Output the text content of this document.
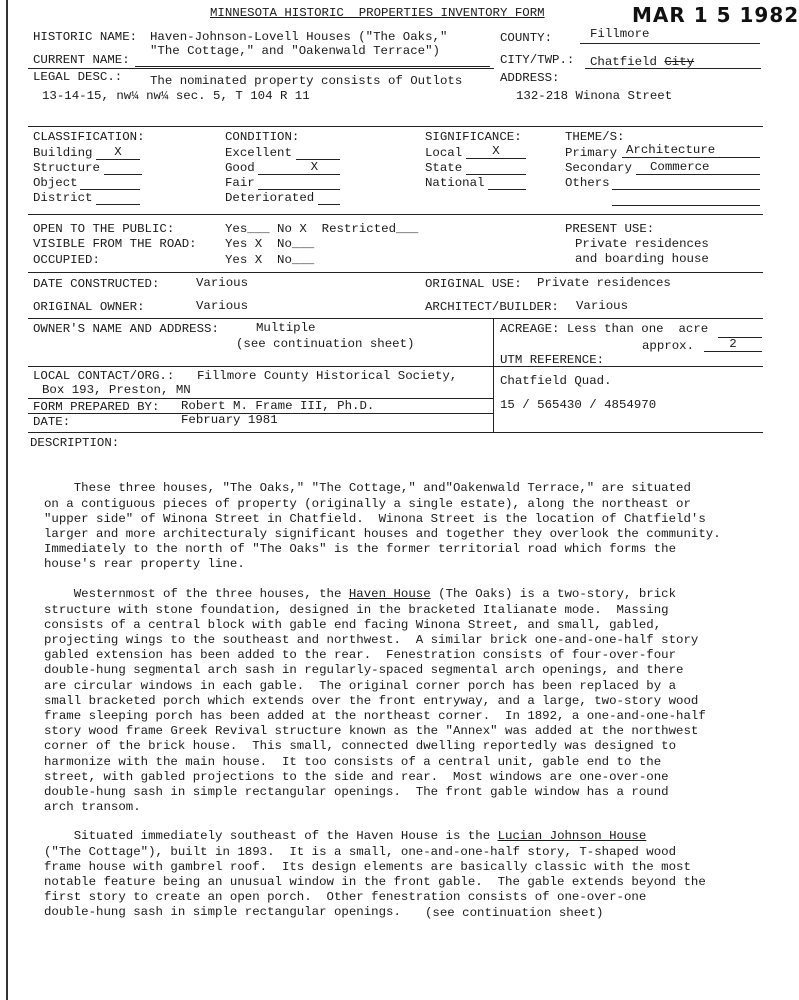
MINNESOTA HISTORIC  PROPERTIES INVENTORY FORM	MAR 1 5 1982
HISTORIC NAME: Haven-Johnson-Lovell Houses ("The Oaks,"
"The Cottage," and "Oakenwald Terrace")
CURRENT NAME:
COUNTY:	Fillmore
CITY/TWP.: Chatfield City
LEGAL DESC.: The nominated property consists of Outlots
13-14-15, nw¼ nw¼ sec. 5, T 104 R 11
ADDRESS:
132-218 Winona Street
CLASSIFICATION:
Building	X
Structure
Object
District
CONDITION:
Excellent
Good	X
Fair
Deteriorated
SIGNIFICANCE:
Local	X
State
National
THEME/S:
Primary Architecture
Secondary	Commerce
Others
OPEN TO THE PUBLIC:	Yes___ No X  Restricted___
VISIBLE FROM THE ROAD: Yes X  No___
OCCUPIED:	Yes X  No___
PRESENT USE:
Private residences
and boarding house
DATE CONSTRUCTED:	Various	ORIGINAL USE: Private residences
ORIGINAL OWNER:	Various	ARCHITECT/BUILDER: Various
OWNER'S NAME AND ADDRESS:	Multiple
(see continuation sheet)
ACREAGE: Less than one  acre
approx.	2
UTM REFERENCE:
Chatfield Quad.
15 / 565430 / 4854970
LOCAL CONTACT/ORG.: Fillmore County Historical Society,
Box 193, Preston, MN
FORM PREPARED BY: Robert M. Frame III, Ph.D.
DATE:	February 1981
DESCRIPTION:

These three houses, "The Oaks," "The Cottage," and"Oakenwald Terrace," are situated

on a contiguous pieces of property (originally a single estate), along the northeast or

"upper side" of Winona Street in Chatfield.  Winona Street is the location of Chatfield's

larger and more architecturaly significant houses and together they overlook the community.

Immediately to the north of "The Oaks" is the former territorial road which forms the

house's rear property line.

Westernmost of the three houses, the Haven House (The Oaks) is a two-story, brick

structure with stone foundation, designed in the bracketed Italianate mode.  Massing

consists of a central block with gable end facing Winona Street, and small, gabled,

projecting wings to the southeast and northwest.  A similar brick one-and-one-half story

gabled extension has been added to the rear.  Fenestration consists of four-over-four

double-hung segmental arch sash in regularly-spaced segmental arch openings, and there

are circular windows in each gable.  The original corner porch has been replaced by a

small bracketed porch which extends over the front entryway, and a large, two-story wood

frame sleeping porch has been added at the northeast corner.  In 1892, a one-and-one-half

story wood frame Greek Revival structure known as the "Annex" was added at the northwest

corner of the brick house.  This small, connected dwelling reportedly was designed to

harmonize with the main house.  It too consists of a central unit, gable end to the

street, with gabled projections to the side and rear.  Most windows are one-over-one

double-hung sash in simple rectangular openings.  The front gable window has a round

arch transom.

Situated immediately southeast of the Haven House is the Lucian Johnson House

("The Cottage"), built in 1893.  It is a small, one-and-one-half story, T-shaped wood

frame house with gambrel roof.  Its design elements are basically classic with the most

notable feature being an unusual window in the front gable.  The gable extends beyond the

first story to create an open porch.  Other fenestration consists of one-over-one

double-hung sash in simple rectangular openings.	(see continuation sheet)
